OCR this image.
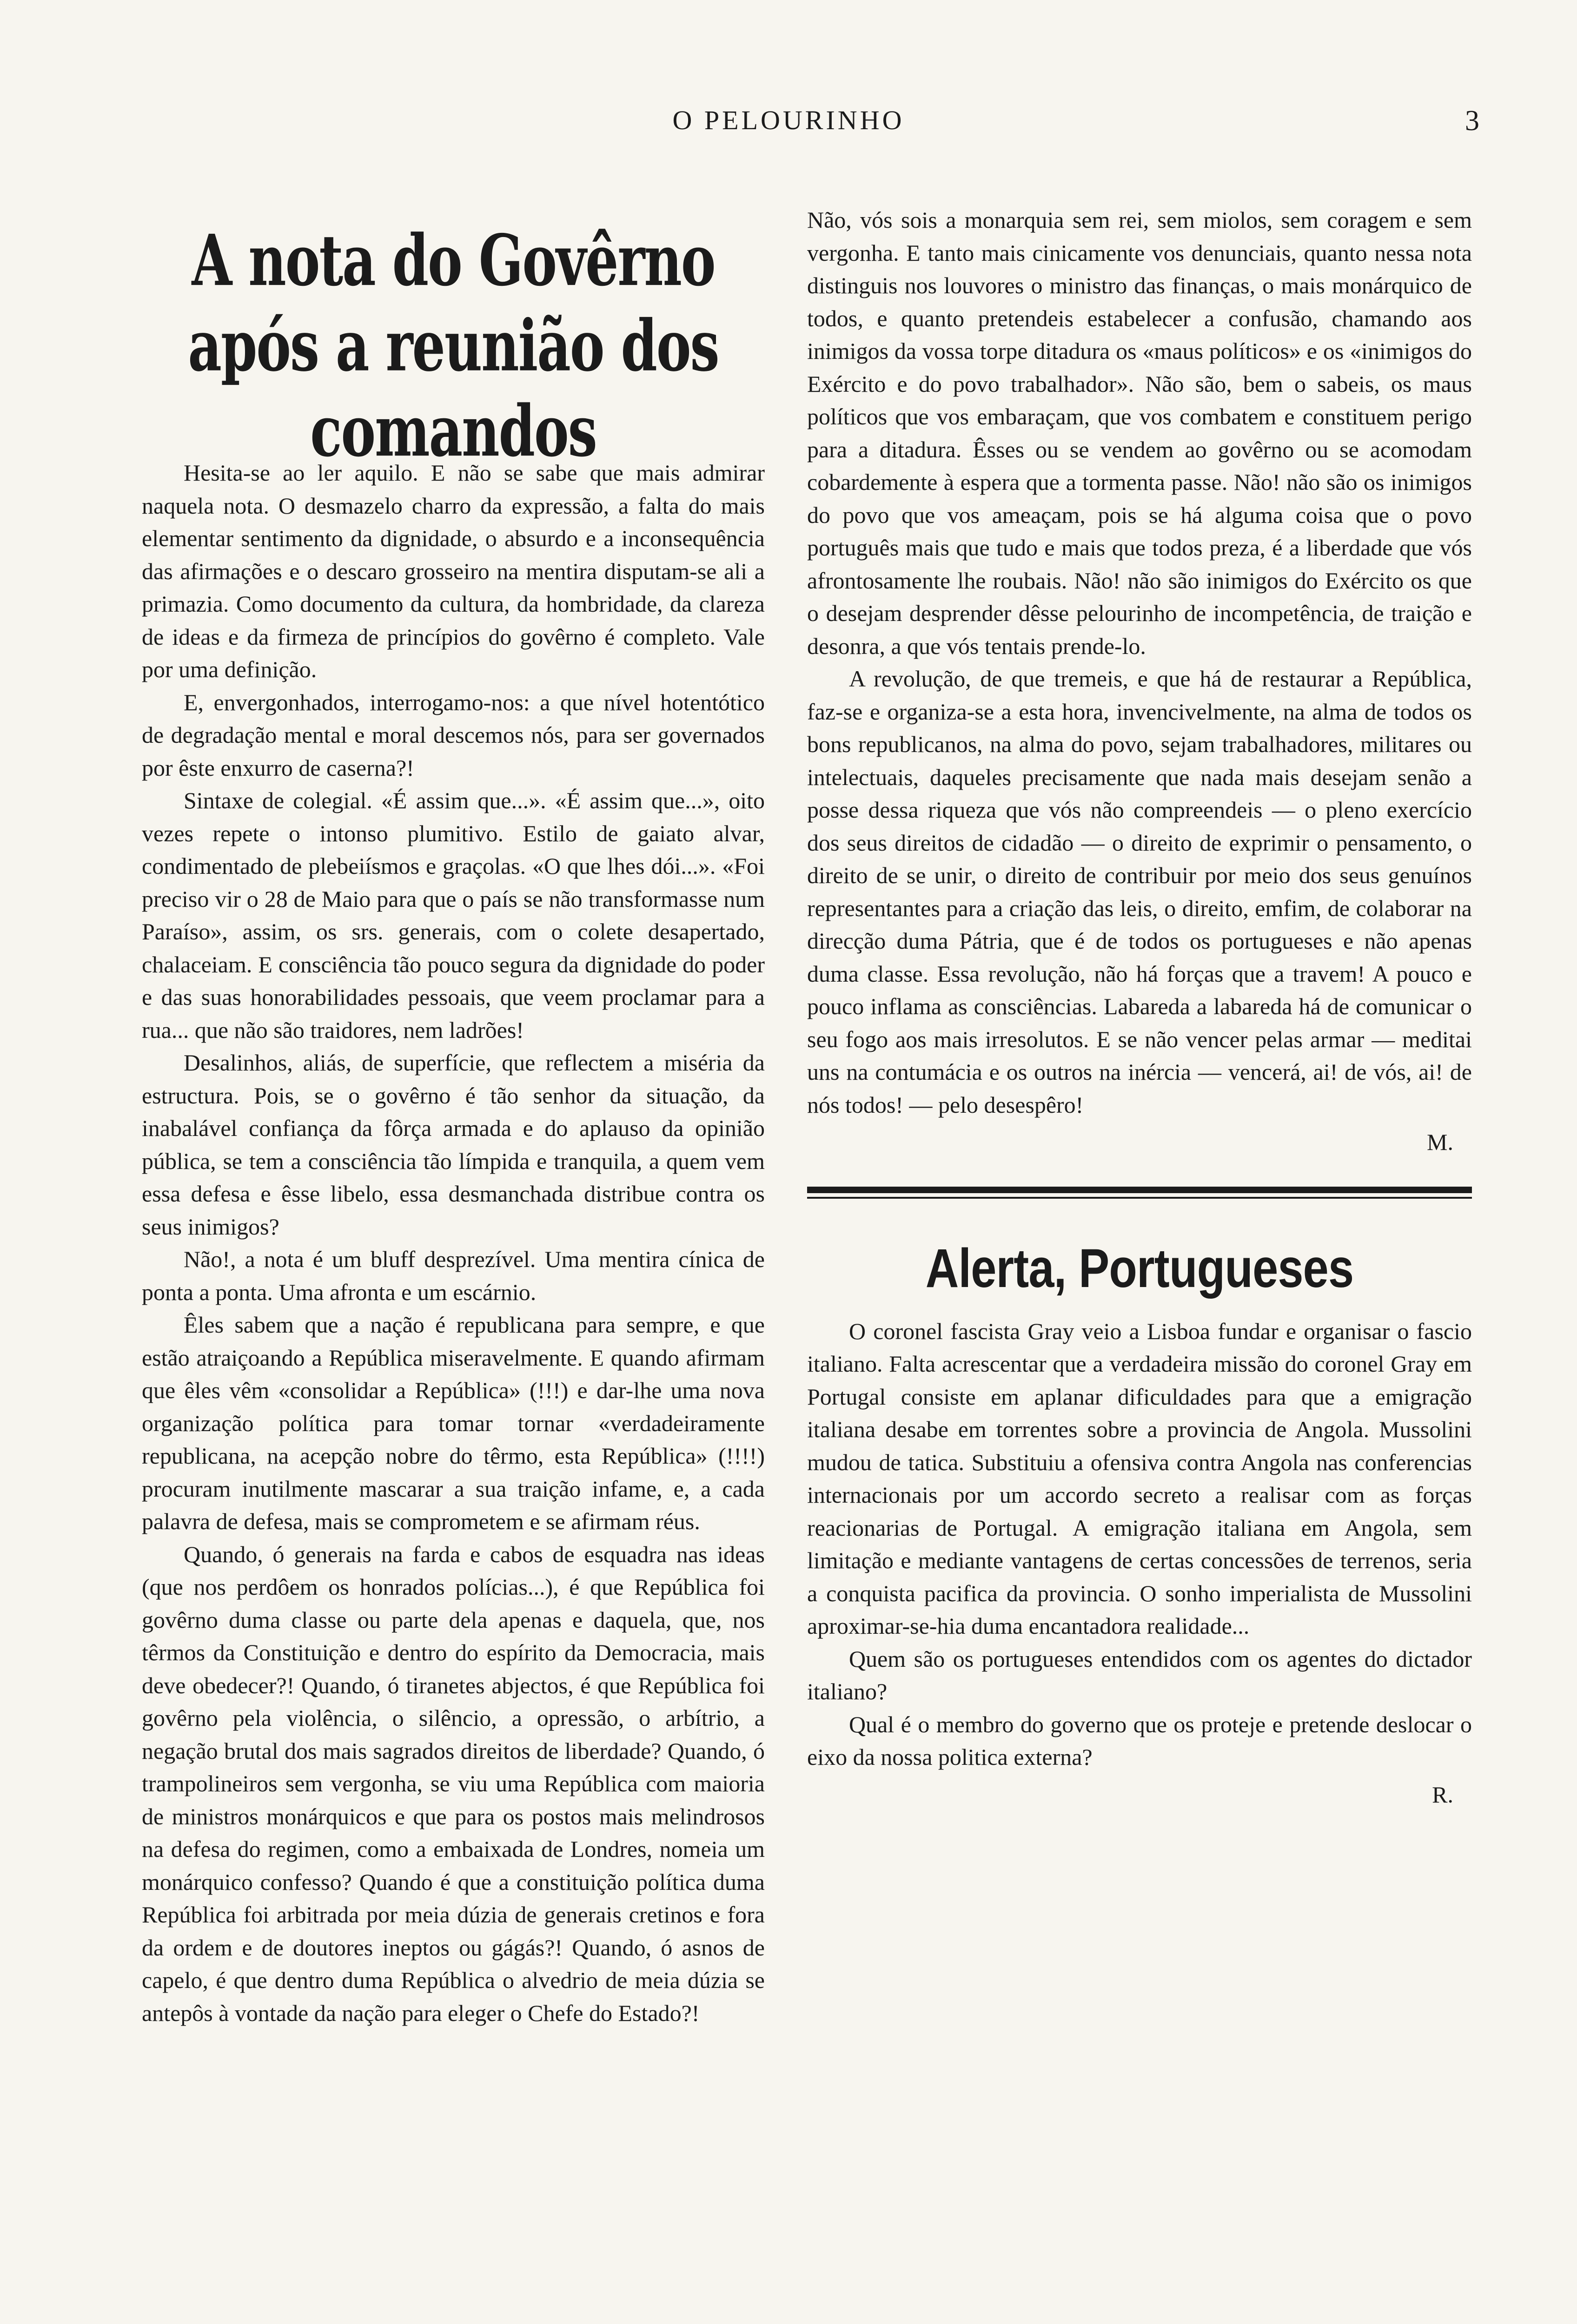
O PELOURINHO	3
A nota do Govêrno após a reunião dos comandos

Hesita-se ao ler aquilo. E não se sabe que mais admirar naquela nota. O desmazelo charro da expressão, a falta do mais elementar sentimento da dignidade, o absurdo e a inconsequência das afirmações e o descaro grosseiro na mentira disputam-se ali a primazia. Como documento da cultura, da hombridade, da clareza de ideas e da firmeza de princípios do govêrno é completo. Vale por uma definição.

E, envergonhados, interrogamo-nos: a que nível hotentótico de degradação mental e moral descemos nós, para ser governados por êste enxurro de caserna?!

Sintaxe de colegial. «É assim que...». «É assim que...», oito vezes repete o intonso plumitivo. Estilo de gaiato alvar, condimentado de plebeiísmos e graçolas. «O que lhes dói...». «Foi preciso vir o 28 de Maio para que o país se não transformasse num Paraíso», assim, os srs. generais, com o colete desapertado, chalaceiam. E consciência tão pouco segura da dignidade do poder e das suas honorabilidades pessoais, que veem proclamar para a rua... que não são traidores, nem ladrões!

Desalinhos, aliás, de superfície, que reflectem a miséria da estructura. Pois, se o govêrno é tão senhor da situação, da inabalável confiança da fôrça armada e do aplauso da opinião pública, se tem a consciência tão límpida e tranquila, a quem vem essa defesa e êsse libelo, essa desmanchada distribue contra os seus inimigos?

Não!, a nota é um bluff desprezível. Uma mentira cínica de ponta a ponta. Uma afronta e um escárnio.

Êles sabem que a nação é republicana para sempre, e que estão atraiçoando a República miseravelmente. E quando afirmam que êles vêm «consolidar a República» (!!!) e dar-lhe uma nova organização política para tomar tornar «verdadeiramente republicana, na acepção nobre do têrmo, esta República» (!!!!) procuram inutilmente mascarar a sua traição infame, e, a cada palavra de defesa, mais se comprometem e se afirmam réus.

Quando, ó generais na farda e cabos de esquadra nas ideas (que nos perdôem os honrados polícias...), é que República foi govêrno duma classe ou parte dela apenas e daquela, que, nos têrmos da Constituição e dentro do espírito da Democracia, mais deve obedecer?! Quando, ó tiranetes abjectos, é que República foi govêrno pela violência, o silêncio, a opressão, o arbítrio, a negação brutal dos mais sagrados direitos de liberdade? Quando, ó trampolineiros sem vergonha, se viu uma República com maioria de ministros monárquicos e que para os postos mais melindrosos na defesa do regimen, como a embaixada de Londres, nomeia um monárquico confesso? Quando é que a constituição política duma República foi arbitrada por meia dúzia de generais cretinos e fora da ordem e de doutores ineptos ou gágás?! Quando, ó asnos de capelo, é que dentro duma República o alvedrio de meia dúzia se antepôs à vontade da nação para eleger o Chefe do Estado?!

Não, vós sois a monarquia sem rei, sem miolos, sem coragem e sem vergonha. E tanto mais cinicamente vos denunciais, quanto nessa nota distinguis nos louvores o ministro das finanças, o mais monárquico de todos, e quanto pretendeis estabelecer a confusão, chamando aos inimigos da vossa torpe ditadura os «maus políticos» e os «inimigos do Exército e do povo trabalhador». Não são, bem o sabeis, os maus políticos que vos embaraçam, que vos combatem e constituem perigo para a ditadura. Êsses ou se vendem ao govêrno ou se acomodam cobardemente à espera que a tormenta passe. Não! não são os inimigos do povo que vos ameaçam, pois se há alguma coisa que o povo português mais que tudo e mais que todos preza, é a liberdade que vós afrontosamente lhe roubais. Não! não são inimigos do Exército os que o desejam desprender dêsse pelourinho de incompetência, de traição e desonra, a que vós tentais prende-lo.

A revolução, de que tremeis, e que há de restaurar a República, faz-se e organiza-se a esta hora, invencivelmente, na alma de todos os bons republicanos, na alma do povo, sejam trabalhadores, militares ou intelectuais, daqueles precisamente que nada mais desejam senão a posse dessa riqueza que vós não compreendeis — o pleno exercício dos seus direitos de cidadão — o direito de exprimir o pensamento, o direito de se unir, o direito de contribuir por meio dos seus genuínos representantes para a criação das leis, o direito, emfim, de colaborar na direcção duma Pátria, que é de todos os portugueses e não apenas duma classe. Essa revolução, não há forças que a travem! A pouco e pouco inflama as consciências. Labareda a labareda há de comunicar o seu fogo aos mais irresolutos. E se não vencer pelas armar — meditai uns na contumácia e os outros na inércia — vencerá, ai! de vós, ai! de nós todos! — pelo desespêro!

M.
Alerta, Portugueses

O coronel fascista Gray veio a Lisboa fundar e organisar o fascio italiano. Falta acrescentar que a verdadeira missão do coronel Gray em Portugal consiste em aplanar dificuldades para que a emigração italiana desabe em torrentes sobre a provincia de Angola. Mussolini mudou de tatica. Substituiu a ofensiva contra Angola nas conferencias internacionais por um accordo secreto a realisar com as forças reacionarias de Portugal. A emigração italiana em Angola, sem limitação e mediante vantagens de certas concessões de terrenos, seria a conquista pacifica da provincia. O sonho imperialista de Mussolini aproximar-se-hia duma encantadora realidade...

Quem são os portugueses entendidos com os agentes do dictador italiano?

Qual é o membro do governo que os proteje e pretende deslocar o eixo da nossa politica externa?

R.
